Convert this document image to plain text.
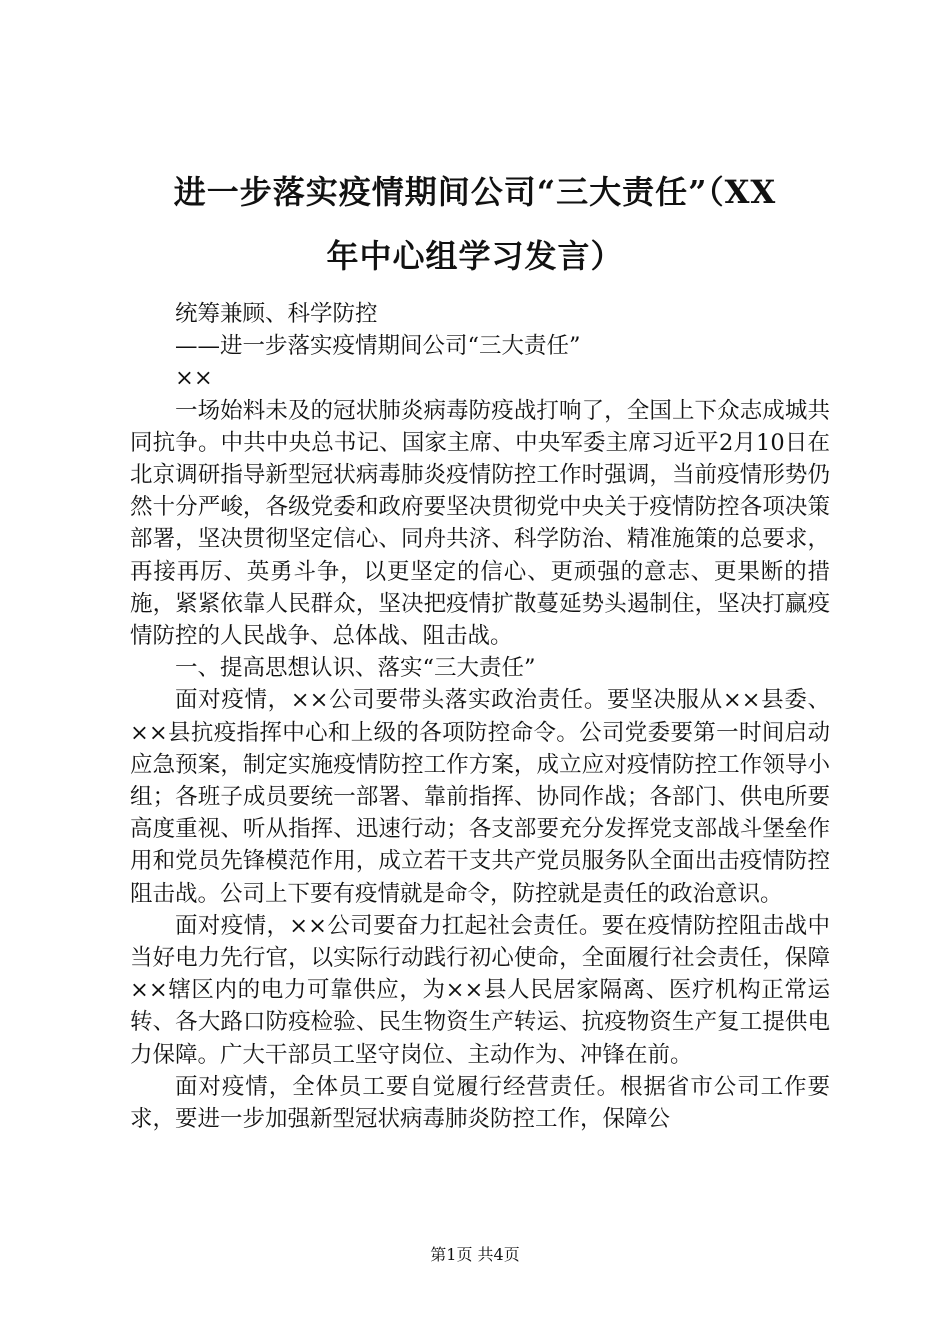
进一步落实疫情期间公司“三大责任”（XX
年中心组学习发言）

统筹兼顾、科学防控

——进一步落实疫情期间公司“三大责任”

××

一场始料未及的冠状肺炎病毒防疫战打响了，全国上下众志成城共同抗争。中共中央总书记、国家主席、中央军委主席习近平2月10日在北京调研指导新型冠状病毒肺炎疫情防控工作时强调，当前疫情形势仍然十分严峻，各级党委和政府要坚决贯彻党中央关于疫情防控各项决策部署，坚决贯彻坚定信心、同舟共济、科学防治、精准施策的总要求，再接再厉、英勇斗争，以更坚定的信心、更顽强的意志、更果断的措施，紧紧依靠人民群众，坚决把疫情扩散蔓延势头遏制住，坚决打赢疫情防控的人民战争、总体战、阻击战。

一、提高思想认识、落实“三大责任”

面对疫情，××公司要带头落实政治责任。要坚决服从××县委、××县抗疫指挥中心和上级的各项防控命令。公司党委要第一时间启动应急预案，制定实施疫情防控工作方案，成立应对疫情防控工作领导小组；各班子成员要统一部署、靠前指挥、协同作战；各部门、供电所要高度重视、听从指挥、迅速行动；各支部要充分发挥党支部战斗堡垒作用和党员先锋模范作用，成立若干支共产党员服务队全面出击疫情防控阻击战。公司上下要有疫情就是命令，防控就是责任的政治意识。

面对疫情，××公司要奋力扛起社会责任。要在疫情防控阻击战中当好电力先行官，以实际行动践行初心使命，全面履行社会责任，保障××辖区内的电力可靠供应，为××县人民居家隔离、医疗机构正常运转、各大路口防疫检验、民生物资生产转运、抗疫物资生产复工提供电力保障。广大干部员工坚守岗位、主动作为、冲锋在前。

面对疫情，全体员工要自觉履行经营责任。根据省市公司工作要求，要进一步加强新型冠状病毒肺炎防控工作，保障公

第1页 共4页
